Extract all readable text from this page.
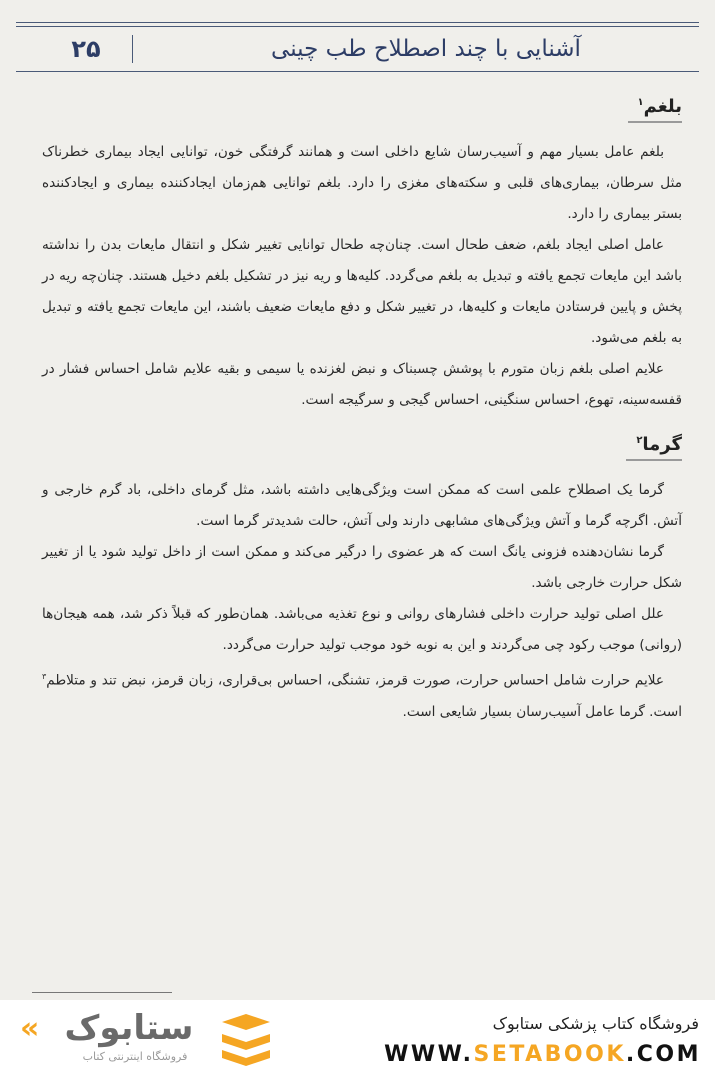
۲۵	آشنایی با چند اصطلاح طب چینی
بلغم$^۱$

بلغم عامل بسیار مهم و آسیب‌رسان شایع داخلی است و همانند گرفتگی خون، توانایی ایجاد بیماری خطرناک مثل سرطان، بیماری‌های قلبی و سکته‌های مغزی را دارد. بلغم توانایی هم‌زمان ایجادکننده بیماری و ایجادکننده بستر بیماری را دارد.

عامل اصلی ایجاد بلغم، ضعف طحال است. چنان‌چه طحال توانایی تغییر شکل و انتقال مایعات بدن را نداشته باشد این مایعات تجمع یافته و تبدیل به بلغم می‌گردد. کلیه‌ها و ریه نیز در تشکیل بلغم دخیل هستند. چنان‌چه ریه در پخش و پایین فرستادن مایعات و کلیه‌ها، در تغییر شکل و دفع مایعات ضعیف باشند، این مایعات تجمع یافته و تبدیل به بلغم می‌شود.

علایم اصلی بلغم زبان متورم با پوشش چسبناک و نبض لغزنده یا سیمی و بقیه علایم شامل احساس فشار در قفسه‌سینه، تهوع، احساس سنگینی، احساس گیجی و سرگیجه است.

گرما$^۲$

گرما یک اصطلاح علمی است که ممکن است ویژگی‌هایی داشته باشد، مثل گرمای داخلی، باد گرم خارجی و آتش. اگرچه گرما و آتش ویژگی‌های مشابهی دارند ولی آتش، حالت شدیدتر گرما است.

گرما نشان‌دهنده فزونی یانگ است که هر عضوی را درگیر می‌کند و ممکن است از داخل تولید شود یا از تغییر شکل حرارت خارجی باشد.

علل اصلی تولید حرارت داخلی فشارهای روانی و نوع تغذیه می‌باشد. همان‌طور که قبلاً ذکر شد، همه هیجان‌ها (روانی) موجب رکود چی می‌گردند و این به نوبه خود موجب تولید حرارت می‌گردد.

علایم حرارت شامل احساس حرارت، صورت قرمز، تشنگی، احساس بی‌قراری، زبان قرمز، نبض تند و متلاطم$^۳$ است. گرما عامل آسیب‌رسان بسیار شایعی است.

« ستابوک
فروشگاه اینترنتی کتاب
فروشگاه کتاب پزشکی ستابوک
WWW.SETABOOK.COM
